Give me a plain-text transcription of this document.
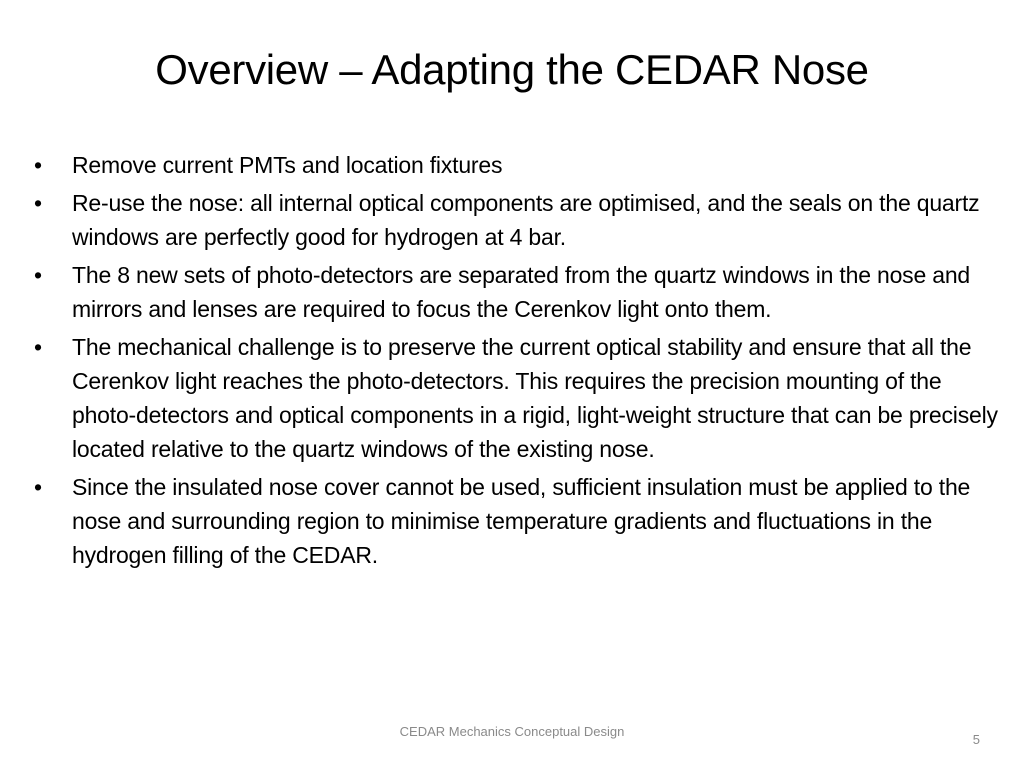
Overview – Adapting the CEDAR Nose
•	Remove current PMTs and location fixtures
•	Re-use the nose: all internal optical components are optimised, and the seals on the quartz windows are perfectly good for hydrogen at 4 bar.
•	The 8 new sets of photo-detectors are separated from the quartz windows in the nose and mirrors and lenses are required to focus the Cerenkov light onto them.
•	The mechanical challenge is to preserve the current optical stability and ensure that all the Cerenkov light reaches the photo-detectors. This requires the precision mounting of the photo-detectors and optical components in a rigid, light-weight structure that can be precisely located relative to the quartz windows of the existing nose.
•	Since the insulated nose cover cannot be used, sufficient insulation must be applied to the nose and surrounding region to minimise temperature gradients and fluctuations in the hydrogen filling of the CEDAR.
CEDAR Mechanics Conceptual Design
5
